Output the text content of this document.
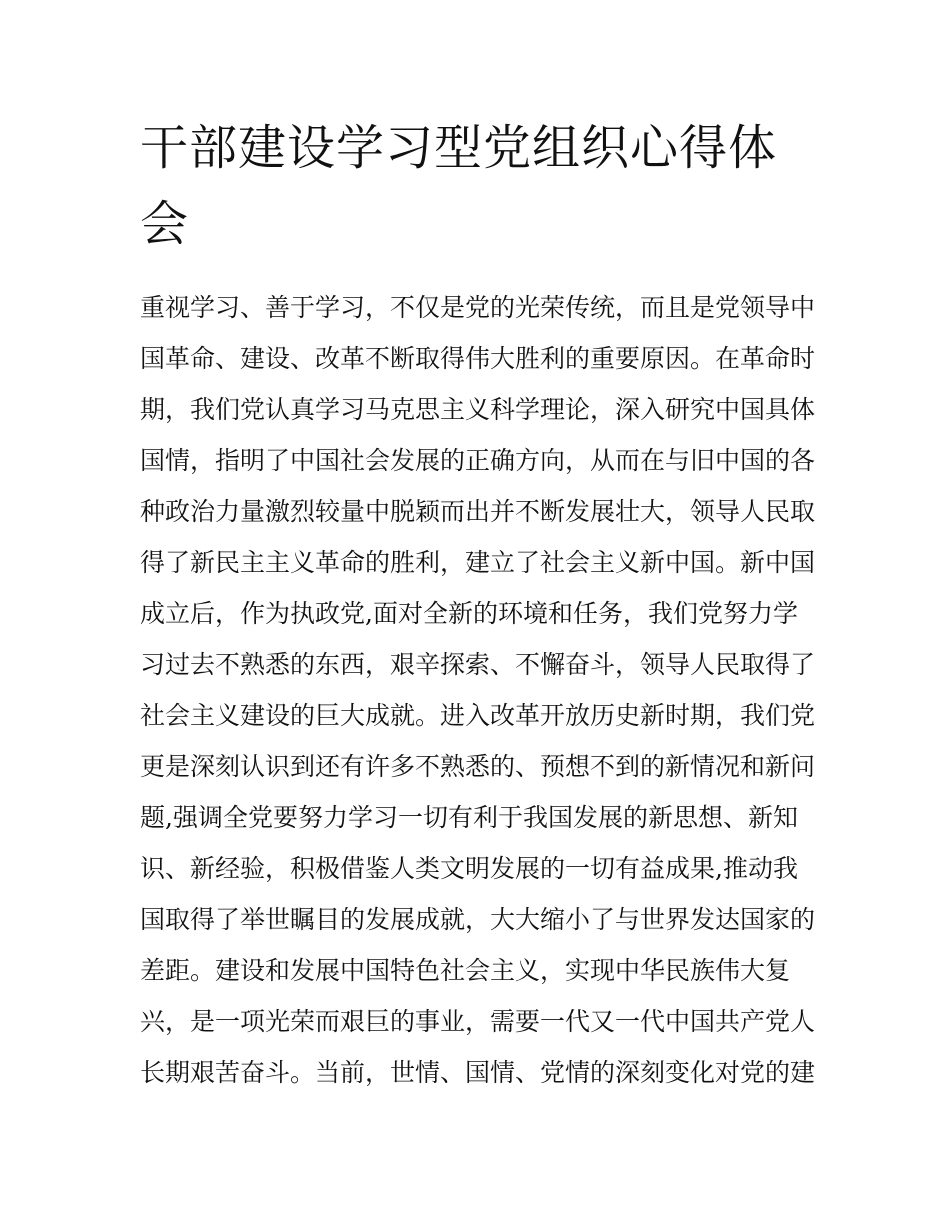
干部建设学习型党组织心得体
会
重视学习、善于学习，不仅是党的光荣传统，而且是党领导中
国革命、建设、改革不断取得伟大胜利的重要原因。在革命时
期，我们党认真学习马克思主义科学理论，深入研究中国具体
国情，指明了中国社会发展的正确方向，从而在与旧中国的各
种政治力量激烈较量中脱颖而出并不断发展壮大，领导人民取
得了新民主主义革命的胜利，建立了社会主义新中国。新中国
成立后，作为执政党,面对全新的环境和任务，我们党努力学
习过去不熟悉的东西，艰辛探索、不懈奋斗，领导人民取得了
社会主义建设的巨大成就。进入改革开放历史新时期，我们党
更是深刻认识到还有许多不熟悉的、预想不到的新情况和新问
题,强调全党要努力学习一切有利于我国发展的新思想、新知
识、新经验，积极借鉴人类文明发展的一切有益成果,推动我
国取得了举世瞩目的发展成就，大大缩小了与世界发达国家的
差距。建设和发展中国特色社会主义，实现中华民族伟大复
兴，是一项光荣而艰巨的事业，需要一代又一代中国共产党人
长期艰苦奋斗。当前，世情、国情、党情的深刻变化对党的建
